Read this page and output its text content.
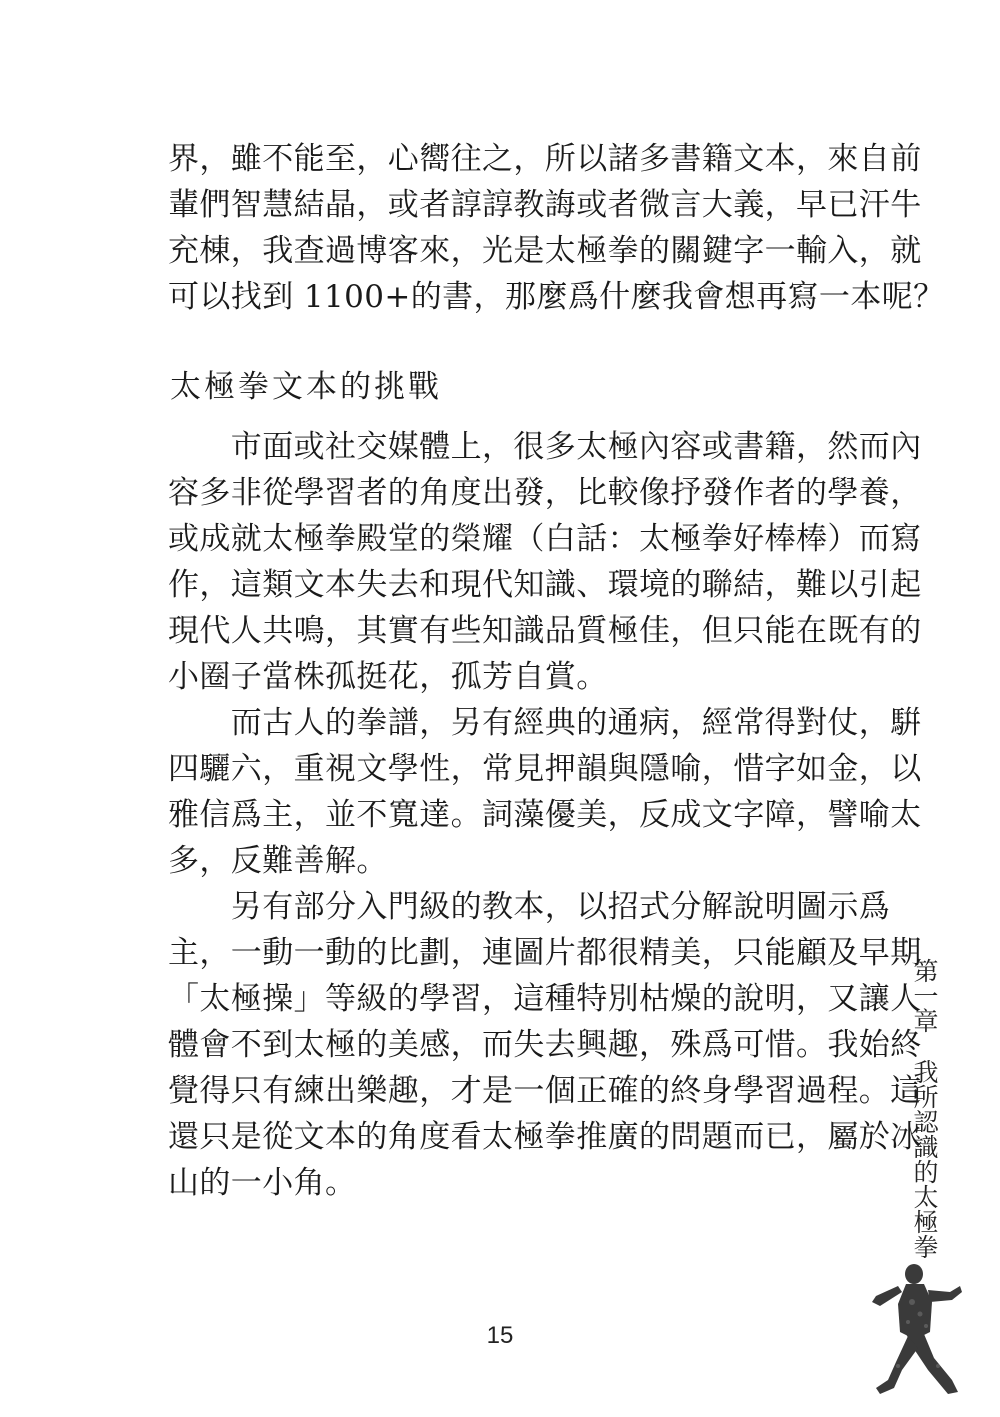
界，雖不能至，心嚮往之，所以諸多書籍文本，來自前
輩們智慧結晶，或者諄諄教誨或者微言大義，早已汗牛
充棟，我查過博客來，光是太極拳的關鍵字一輸入，就
可以找到 1100+的書，那麼爲什麼我會想再寫一本呢？
太極拳文本的挑戰
　　市面或社交媒體上，很多太極內容或書籍，然而內
容多非從學習者的角度出發，比較像抒發作者的學養，
或成就太極拳殿堂的榮耀（白話：太極拳好棒棒）而寫
作，這類文本失去和現代知識、環境的聯結，難以引起
現代人共鳴，其實有些知識品質極佳，但只能在既有的
小圈子當株孤挺花，孤芳自賞。
　　而古人的拳譜，另有經典的通病，經常得對仗，騈
四驪六，重視文學性，常見押韻與隱喻，惜字如金，以
雅信爲主，並不寬達。詞藻優美，反成文字障，譬喻太
多，反難善解。
　　另有部分入門級的教本，以招式分解說明圖示爲
主，一動一動的比劃，連圖片都很精美，只能顧及早期
「太極操」等級的學習，這種特別枯燥的說明，又讓人
體會不到太極的美感，而失去興趣，殊爲可惜。我始終
覺得只有練出樂趣，才是一個正確的終身學習過程。這
還只是從文本的角度看太極拳推廣的問題而已，屬於冰
山的一小角。
第一章我所認識的太極拳
15
